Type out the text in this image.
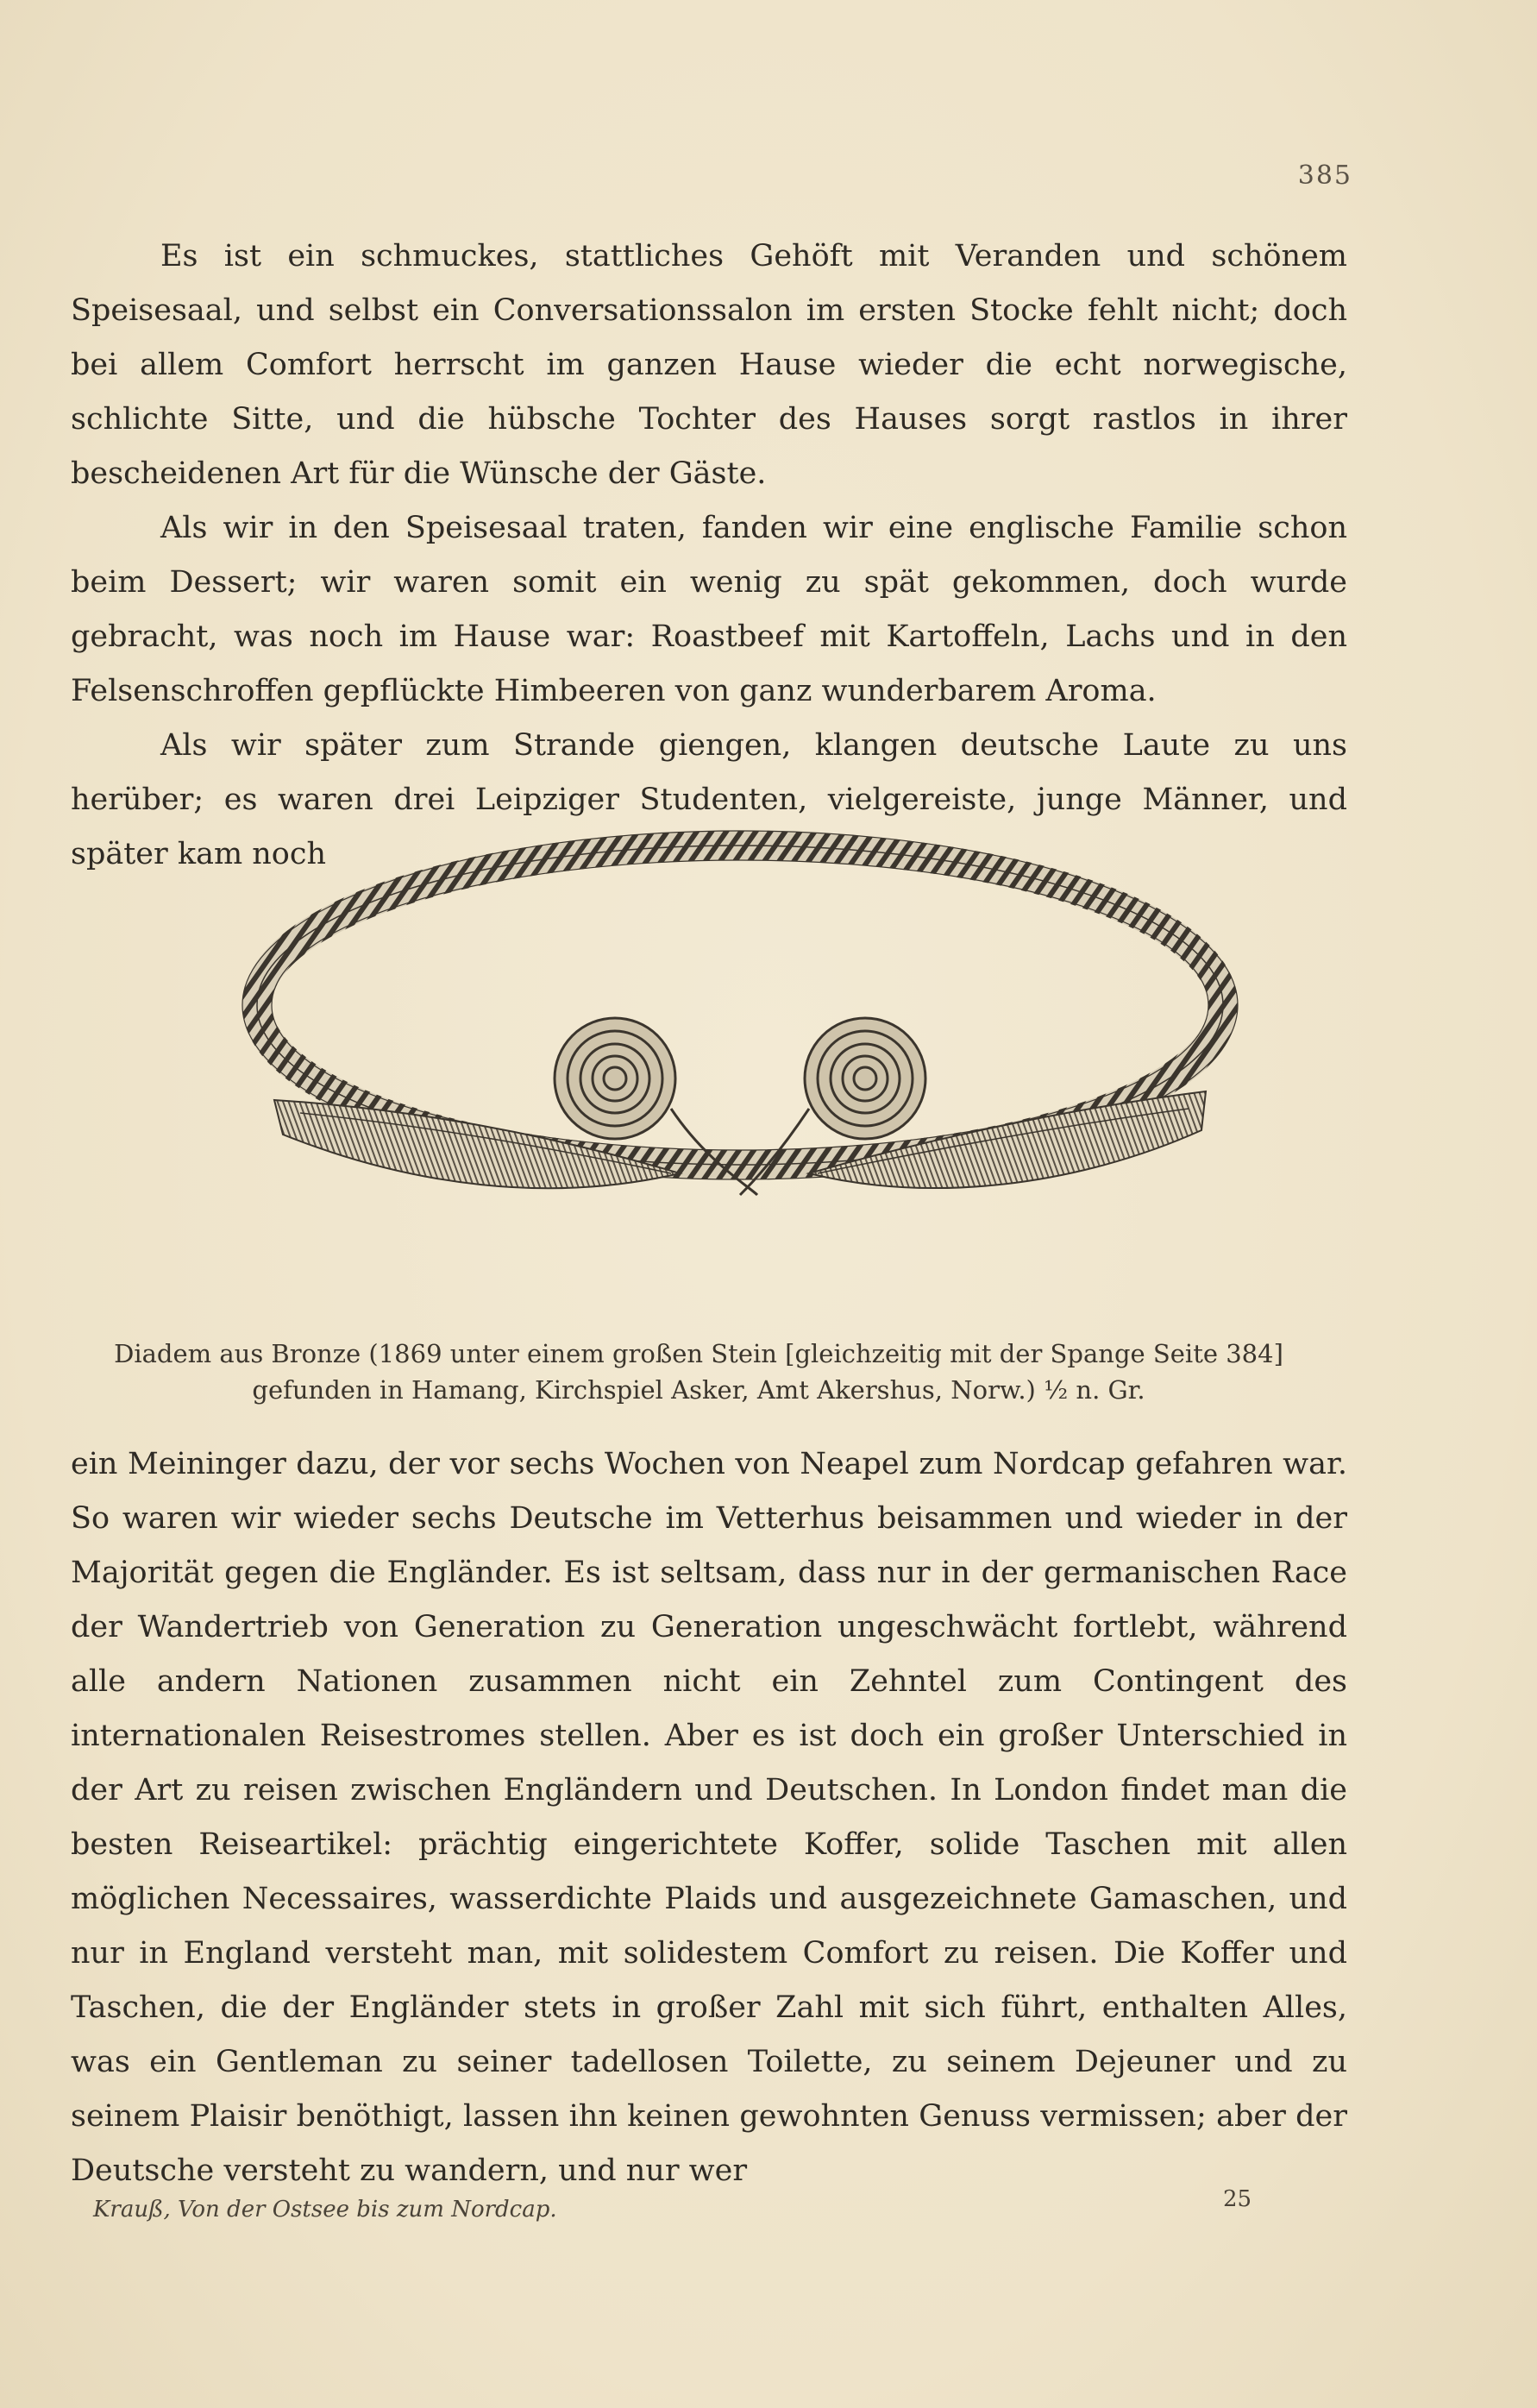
385

Es ist ein schmuckes, stattliches Gehöft mit Veranden und schönem Speisesaal, und selbst ein Conversationssalon im ersten Stocke fehlt nicht; doch bei allem Comfort herrscht im ganzen Hause wieder die echt norwegische, schlichte Sitte, und die hübsche Tochter des Hauses sorgt rastlos in ihrer bescheidenen Art für die Wünsche der Gäste.

Als wir in den Speisesaal traten, fanden wir eine englische Familie schon beim Dessert; wir waren somit ein wenig zu spät gekommen, doch wurde gebracht, was noch im Hause war: Roastbeef mit Kartoffeln, Lachs und in den Felsenschroffen gepflückte Himbeeren von ganz wunderbarem Aroma.

Als wir später zum Strande giengen, klangen deutsche Laute zu uns herüber; es waren drei Leipziger Studenten, vielgereiste, junge Männer, und später kam noch

Diadem aus Bronze (1869 unter einem großen Stein [gleichzeitig mit der Spange Seite 384]
gefunden in Hamang, Kirchspiel Asker, Amt Akershus, Norw.) ½ n. Gr.

ein Meininger dazu, der vor sechs Wochen von Neapel zum Nordcap gefahren war. So waren wir wieder sechs Deutsche im Vetterhus beisammen und wieder in der Majorität gegen die Engländer. Es ist seltsam, dass nur in der germanischen Race der Wandertrieb von Generation zu Generation ungeschwächt fortlebt, während alle andern Nationen zusammen nicht ein Zehntel zum Contingent des internationalen Reisestromes stellen. Aber es ist doch ein großer Unterschied in der Art zu reisen zwischen Engländern und Deutschen. In London findet man die besten Reiseartikel: prächtig eingerichtete Koffer, solide Taschen mit allen möglichen Necessaires, wasserdichte Plaids und ausgezeichnete Gamaschen, und nur in England versteht man, mit solidestem Comfort zu reisen. Die Koffer und Taschen, die der Engländer stets in großer Zahl mit sich führt, enthalten Alles, was ein Gentleman zu seiner tadellosen Toilette, zu seinem Dejeuner und zu seinem Plaisir benöthigt, lassen ihn keinen gewohnten Genuss vermissen; aber der Deutsche versteht zu wandern, und nur wer

Krauß, Von der Ostsee bis zum Nordcap.	25
